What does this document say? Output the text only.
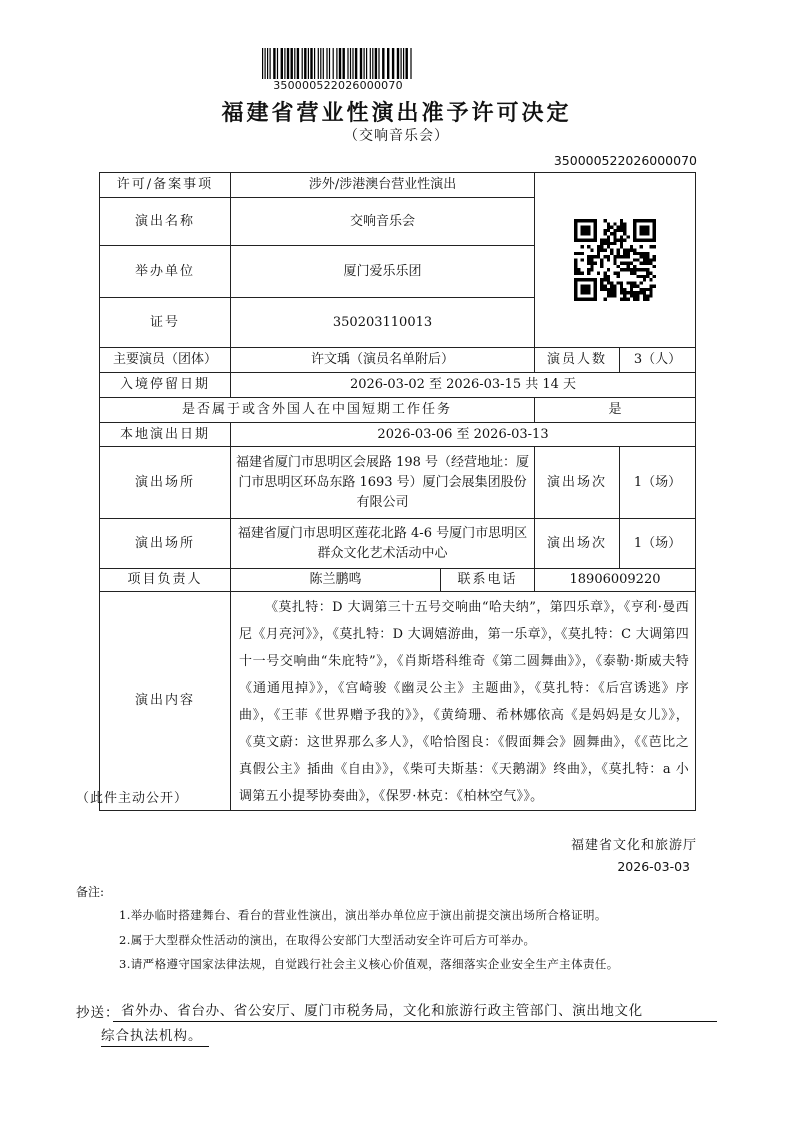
350000522026000070
福建省营业性演出准予许可决定
（交响音乐会）
350000522026000070
许可/备案事项	涉外/涉港澳台营业性演出	

演出名称	交响音乐会			
举办单位	厦门爱乐乐团			
证号	350203110013			
主要演员（团体）	许文瑀（演员名单附后）		演员人数	3（人）
入境停留日期	2026-03-02 至 2026-03-15 共 14 天			
是否属于或含外国人在中国短期工作任务			是	
本地演出日期	2026-03-06 至 2026-03-13			
演出场所	福建省厦门市思明区会展路 198 号（经营地址：厦门市思明区环岛东路 1693 号）厦门会展集团股份有限公司		演出场次	1（场）
演出场所	福建省厦门市思明区莲花北路 4-6 号厦门市思明区群众文化艺术活动中心		演出场次	1（场）
项目负责人	陈兰鹏鸣	联系电话	18906009220	
演出内容	《莫扎特：D 大调第三十五号交响曲“哈夫纳”，第四乐章》，《亨利·曼西尼《月亮河》》，《莫扎特：D 大调嬉游曲，第一乐章》，《莫扎特：C 大调第四十一号交响曲“朱庇特”》，《肖斯塔科维奇《第二圆舞曲》》，《泰勒·斯威夫特《通通甩掉》》，《宫崎骏《幽灵公主》主题曲》，《莫扎特：《后宫诱逃》序曲》，《王菲《世界赠予我的》》，《黄绮珊、希林娜依高《是妈妈是女儿》》，《莫文蔚：这世界那么多人》，《哈恰图良：《假面舞会》圆舞曲》，《《芭比之真假公主》插曲《自由》》，《柴可夫斯基：《天鹅湖》终曲》，《莫扎特：a 小调第五小提琴协奏曲》，《保罗·林克：《柏林空气》》。			
（此件主动公开）
福建省文化和旅游厅
2026-03-03
备注:
1.举办临时搭建舞台、看台的营业性演出，演出举办单位应于演出前提交演出场所合格证明。
2.属于大型群众性活动的演出，在取得公安部门大型活动安全许可后方可举办。
3.请严格遵守国家法律法规，自觉践行社会主义核心价值观，落细落实企业安全生产主体责任。
抄送： 省外办、省台办、省公安厅、厦门市税务局，文化和旅游行政主管部门、演出地文化
综合执法机构。
